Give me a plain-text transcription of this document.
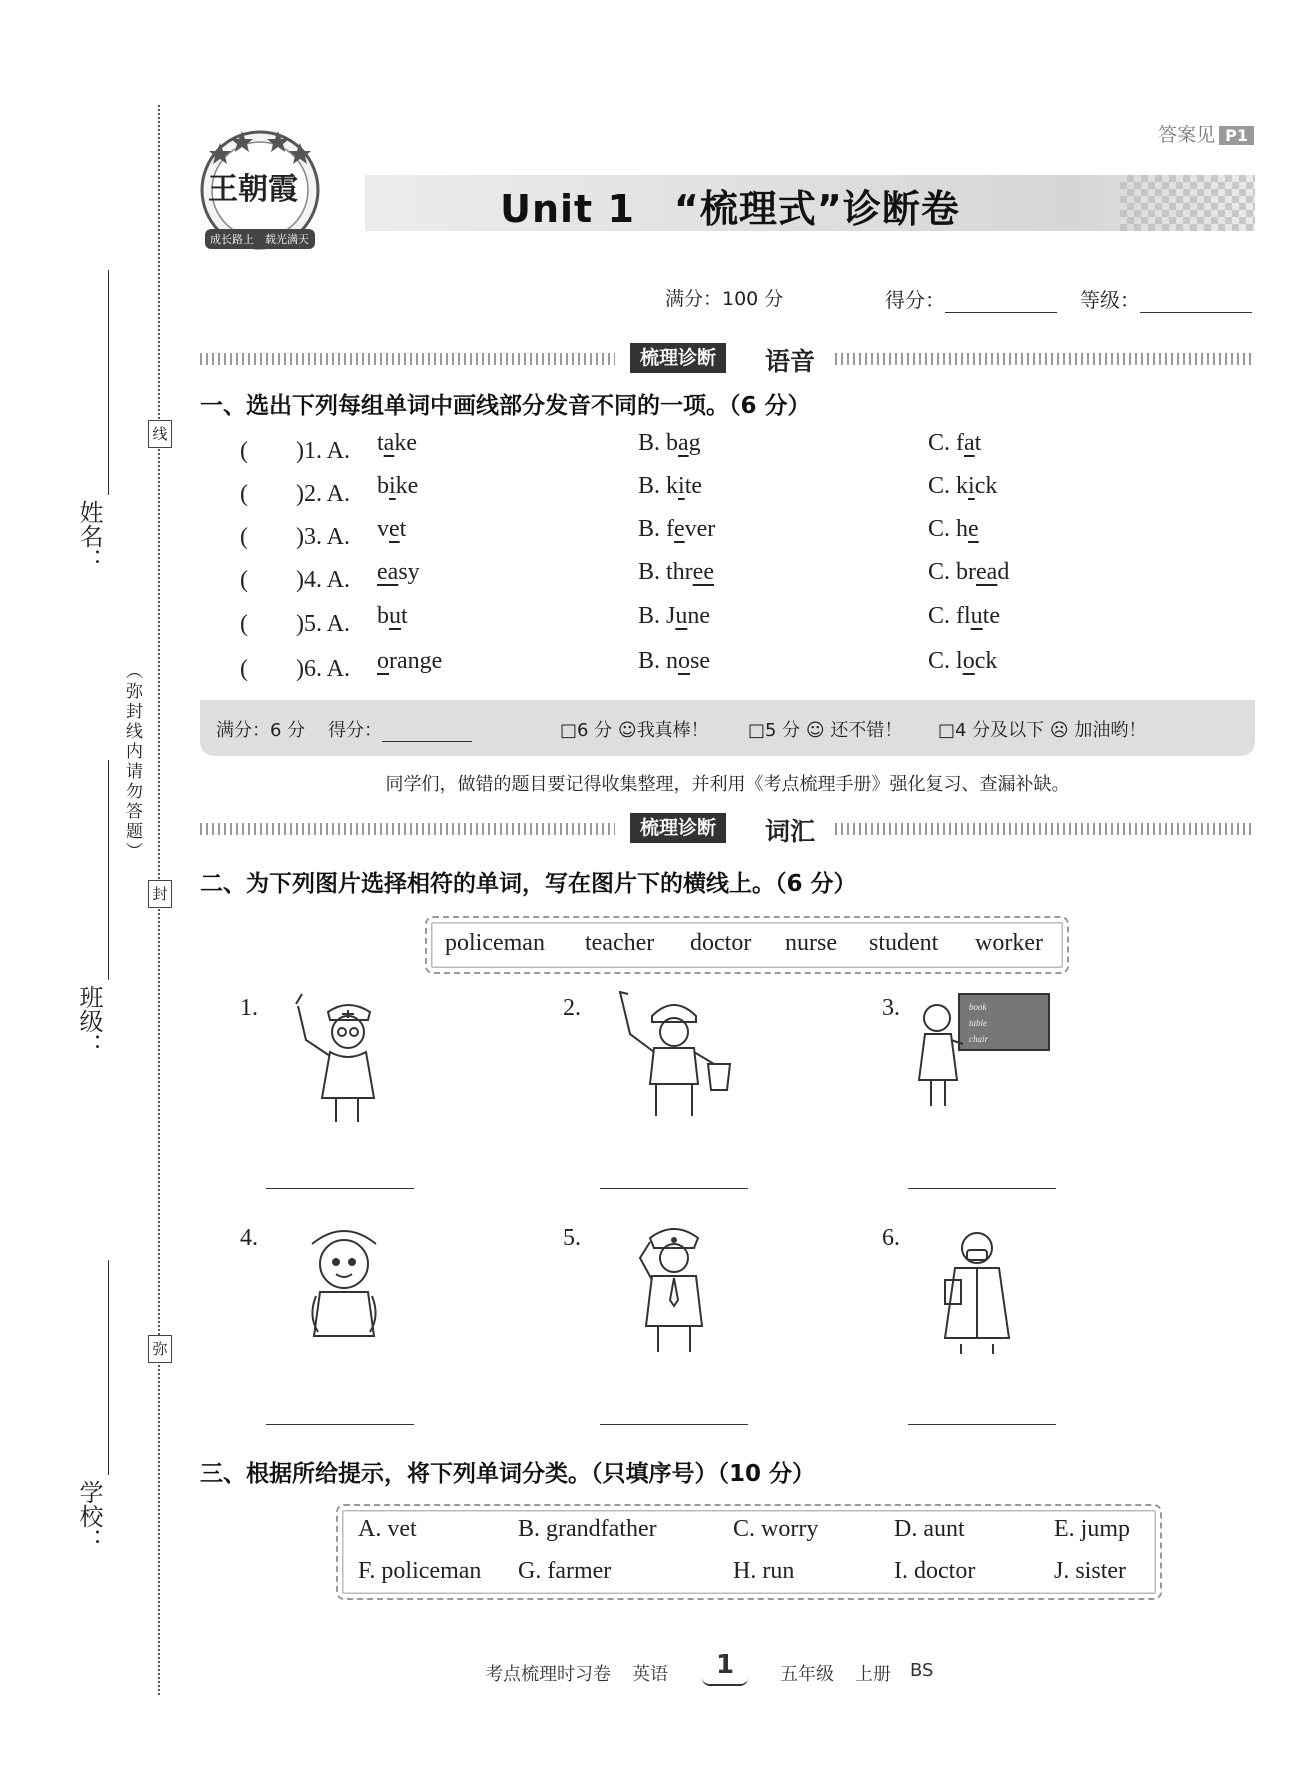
姓名：
班级：
学校：
线
封
弥
（弥封线内请勿答题）
答案见 P1
王朝霞
成长路上 载光满天
Unit 1　“梳理式”诊断卷
满分：100 分	得分：	等级：
梳理诊断	语音
一、选出下列每组单词中画线部分发音不同的一项。（6 分）
(　　)1. A. take	B. bag	C. fat
(　　)2. A. bike	B. kite	C. kick
(　　)3. A. vet	B. fever	C. he
(　　)4. A. easy	B. three	C. bread
(　　)5. A. but	B. June	C. flute
(　　)6. A. orange	B. nose	C. lock
满分：6 分 得分：	□6 分 ☺我真棒！ □5 分 ☺ 还不错！ □4 分及以下 ☹ 加油哟！
同学们，做错的题目要记得收集整理，并利用《考点梳理手册》强化复习、查漏补缺。
梳理诊断	词汇
二、为下列图片选择相符的单词，写在图片下的横线上。（6 分）
policeman teacher doctor nurse student worker
1.	2.	3.	book
table
chair
4.	5.	6.
三、根据所给提示，将下列单词分类。（只填序号）（10 分）
A. vet	B. grandfather	C. worry	D. aunt	E. jump
F. policeman G. farmer	H. run	I. doctor	J. sister
考点梳理时习卷 英语 1	五年级 上册 BS
